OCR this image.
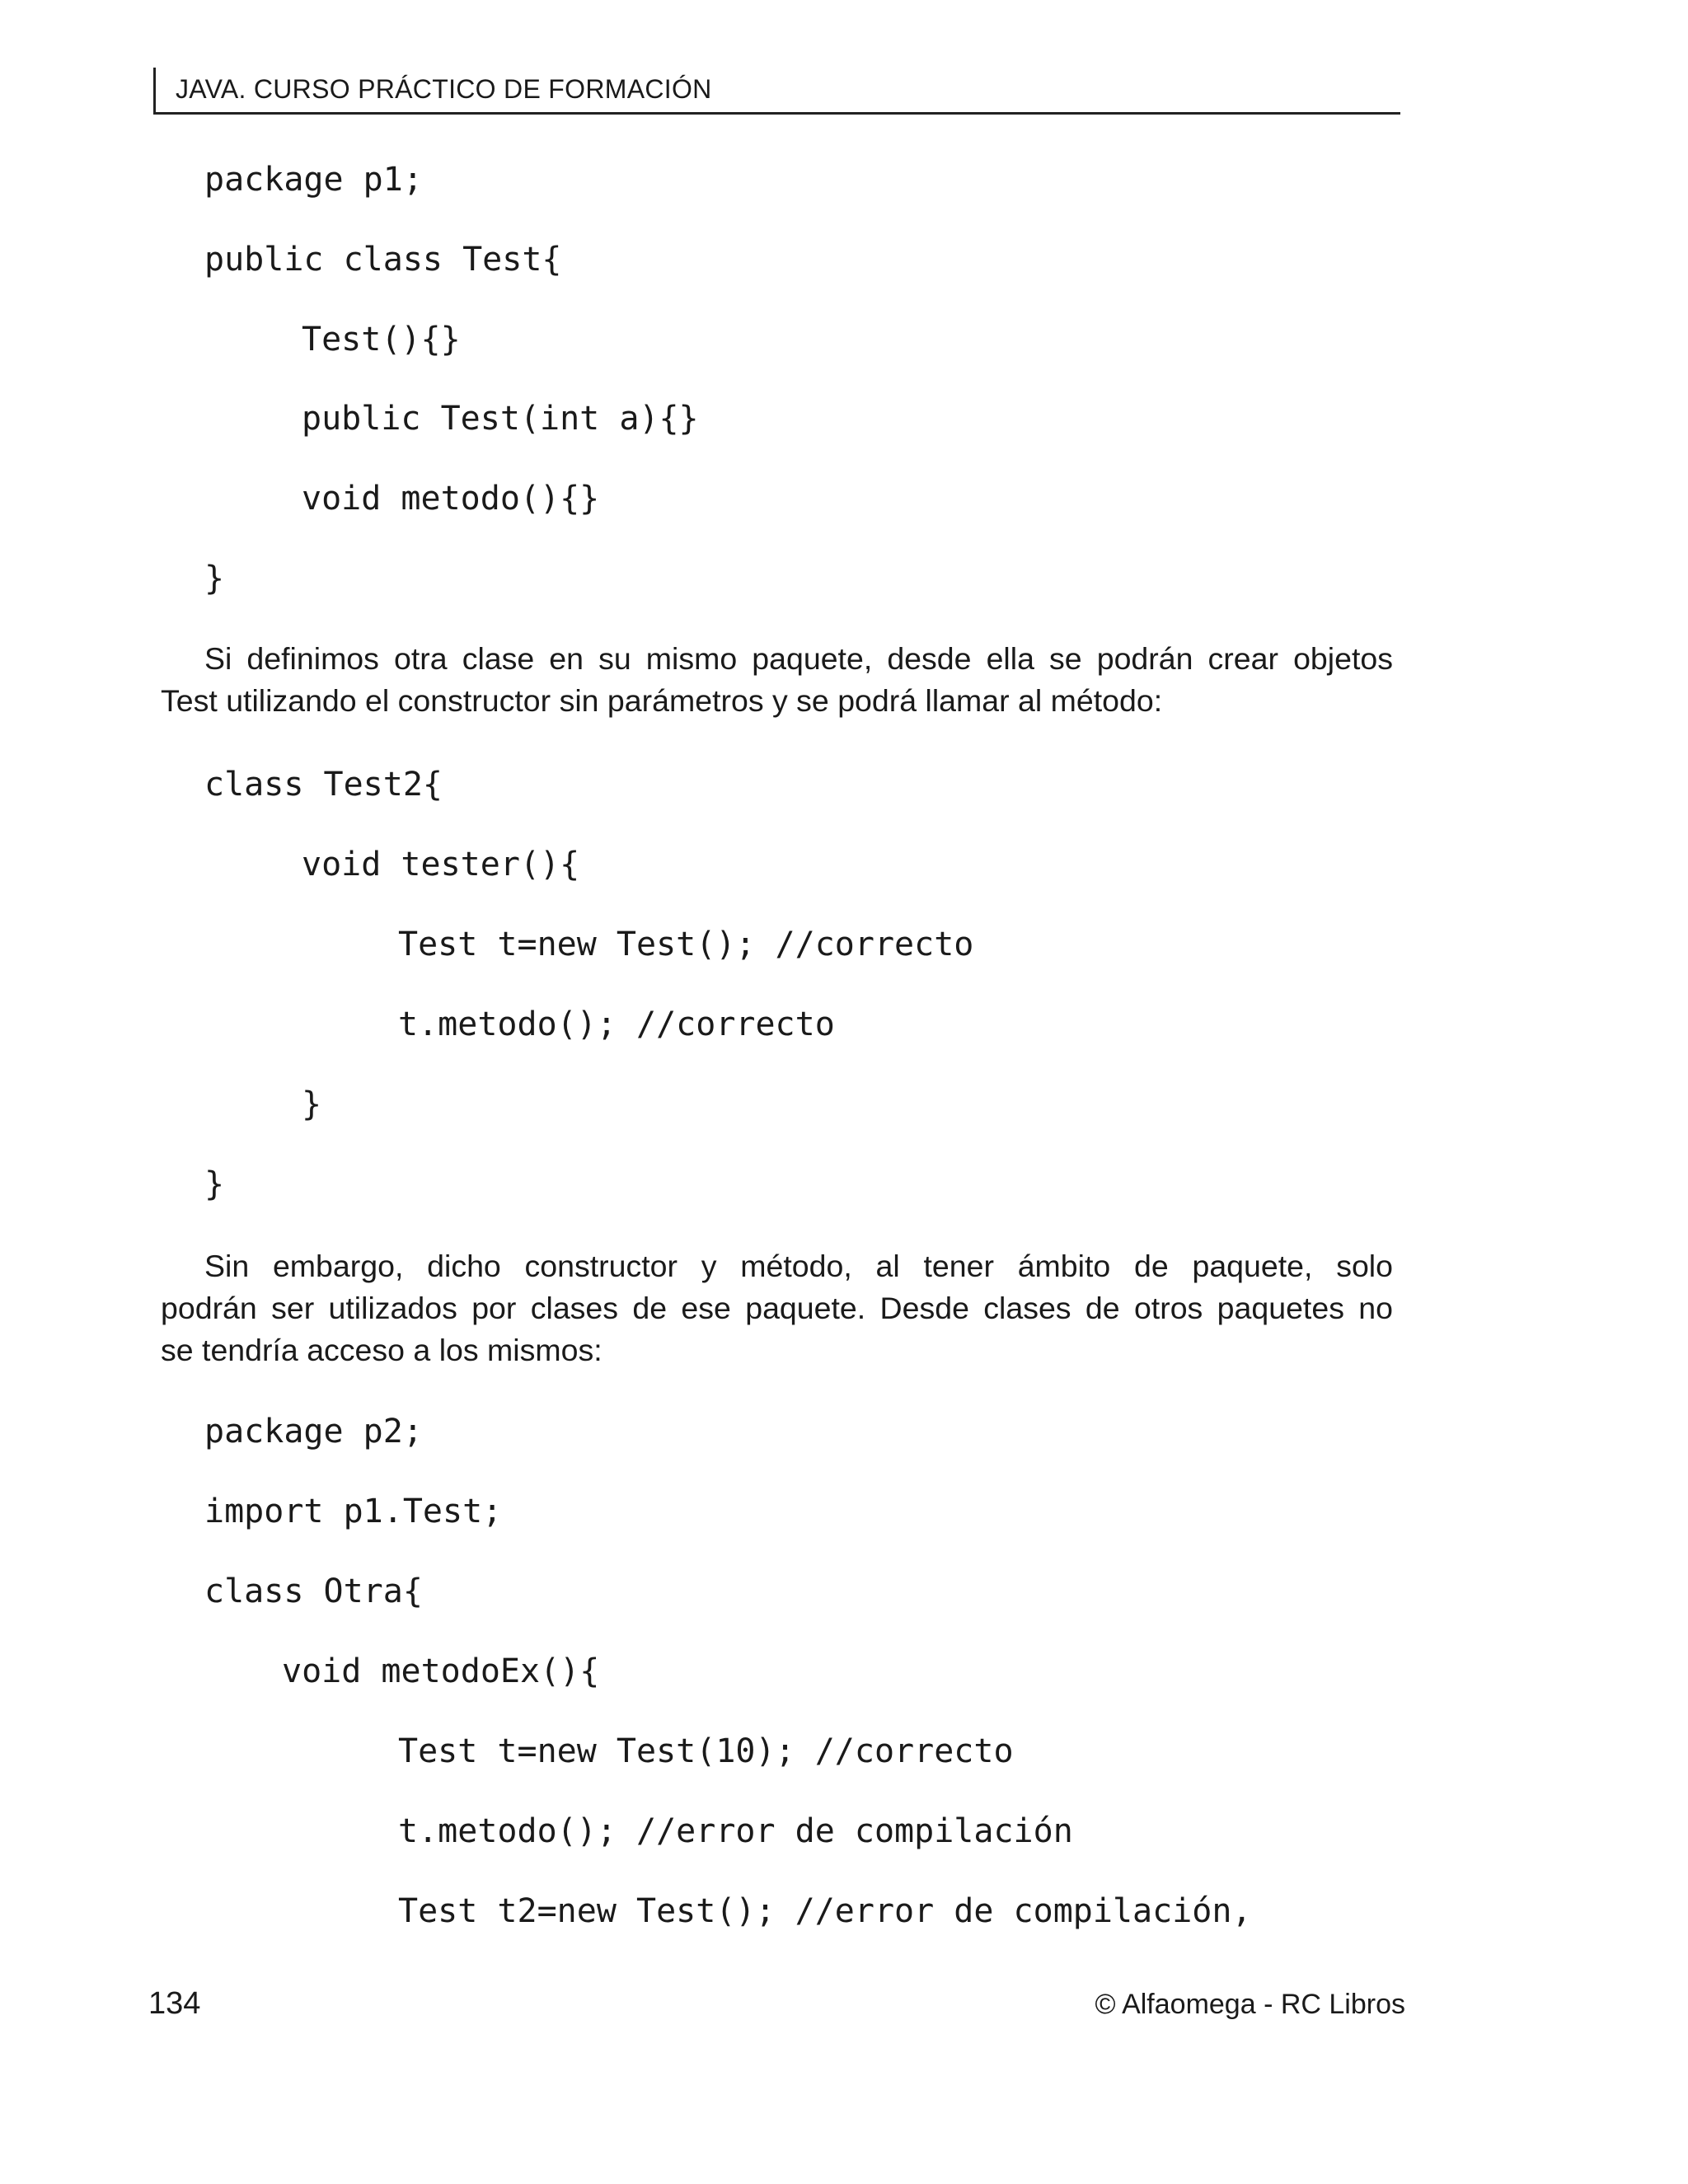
JAVA. CURSO PRÁCTICO DE FORMACIÓN
package p1;
public class Test{
Test(){}
public Test(int a){}
void metodo(){}
}
Si definimos otra clase en su mismo paquete, desde ella se podrán crear objetos
Test utilizando el constructor sin parámetros y se podrá llamar al método:
class Test2{
void tester(){
Test t=new Test(); //correcto
t.metodo(); //correcto
}
}
Sin embargo, dicho constructor y método, al tener ámbito de paquete, solo
podrán ser utilizados por clases de ese paquete. Desde clases de otros paquetes no
se tendría acceso a los mismos:
package p2;
import p1.Test;
class Otra{
void metodoEx(){
Test t=new Test(10); //correcto
t.metodo(); //error de compilación
Test t2=new Test(); //error de compilación,
134	© Alfaomega - RC Libros
